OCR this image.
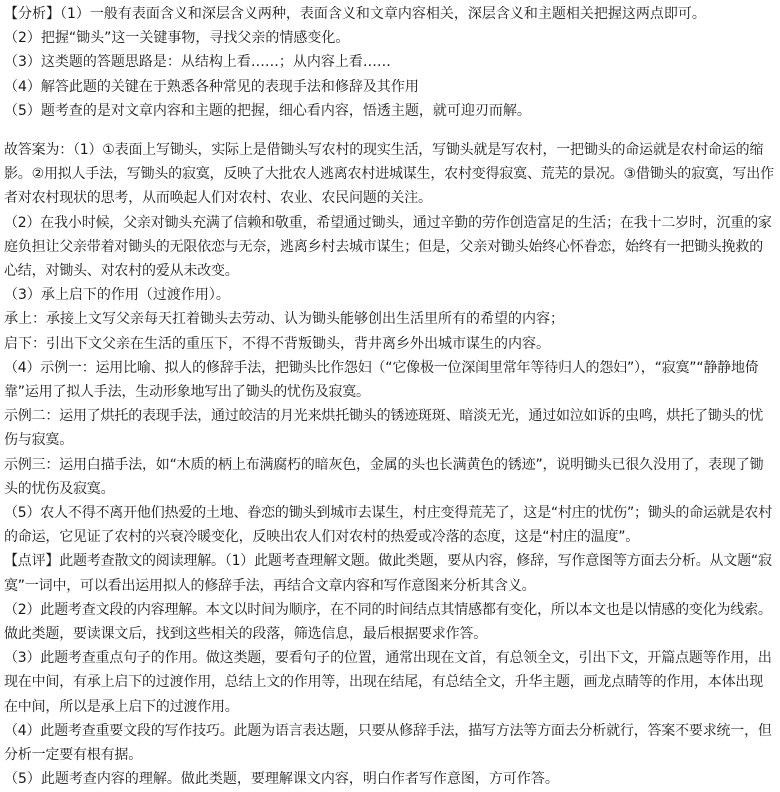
【分析】（1）一般有表面含义和深层含义两种，表面含义和文章内容相关，深层含义和主题相关把握这两点即可。

（2）把握“锄头”这一关键事物，寻找父亲的情感变化。

（3）这类题的答题思路是：从结构上看……；从内容上看……

（4）解答此题的关键在于熟悉各种常见的表现手法和修辞及其作用

（5）题考查的是对文章内容和主题的把握，细心看内容，悟透主题，就可迎刃而解。

故答案为：（1）①表面上写锄头，实际上是借锄头写农村的现实生活，写锄头就是写农村，一把锄头的命运就是农村命运的缩影。②用拟人手法，写锄头的寂寞，反映了大批农人逃离农村进城谋生，农村变得寂寞、荒芜的景况。③借锄头的寂寞，写出作者对农村现状的思考，从而唤起人们对农村、农业、农民问题的关注。

（2）在我小时候，父亲对锄头充满了信赖和敬重，希望通过锄头，通过辛勤的劳作创造富足的生活；在我十二岁时，沉重的家庭负担让父亲带着对锄头的无限依恋与无奈，逃离乡村去城市谋生；但是，父亲对锄头始终心怀眷恋，始终有一把锄头挽救的心结，对锄头、对农村的爱从未改变。

（3）承上启下的作用（过渡作用）。

承上：承接上文写父亲每天扛着锄头去劳动、认为锄头能够创出生活里所有的希望的内容；

启下：引出下文父亲在生活的重压下，不得不背叛锄头，背井离乡外出城市谋生的内容。

（4）示例一：运用比喻、拟人的修辞手法，把锄头比作怨妇（“它像极一位深闺里常年等待归人的怨妇”），“寂寞”“静静地倚靠”运用了拟人手法，生动形象地写出了锄头的忧伤及寂寞。

示例二：运用了烘托的表现手法，通过皎洁的月光来烘托锄头的锈迹斑斑、暗淡无光，通过如泣如诉的虫鸣，烘托了锄头的忧伤与寂寞。

示例三：运用白描手法，如“木质的柄上布满腐朽的暗灰色，金属的头也长满黄色的锈迹”，说明锄头已很久没用了，表现了锄头的忧伤及寂寞。

（5）农人不得不离开他们热爱的土地、眷恋的锄头到城市去谋生，村庄变得荒芜了，这是“村庄的忧伤”；锄头的命运就是农村的命运，它见证了农村的兴衰冷暖变化，反映出农人们对农村的热爱或冷落的态度，这是“村庄的温度”。

【点评】此题考查散文的阅读理解。（1）此题考查理解文题。做此类题，要从内容，修辞，写作意图等方面去分析。从文题“寂寞”一词中，可以看出运用拟人的修辞手法，再结合文章内容和写作意图来分析其含义。

（2）此题考查文段的内容理解。本文以时间为顺序，在不同的时间结点其情感都有变化，所以本文也是以情感的变化为线索。做此类题，要读课文后，找到这些相关的段落，筛选信息，最后根据要求作答。

（3）此题考查重点句子的作用。做这类题，要看句子的位置，通常出现在文首，有总领全文，引出下文，开篇点题等作用，出现在中间，有承上启下的过渡作用，总结上文的作用等，出现在结尾，有总结全文，升华主题，画龙点睛等的作用，本体出现在中间，所以是承上启下的过渡作用。

（4）此题考查重要文段的写作技巧。此题为语言表达题，只要从修辞手法，描写方法等方面去分析就行，答案不要求统一，但分析一定要有根有据。

（5）此题考查内容的理解。做此类题，要理解课文内容，明白作者写作意图，方可作答。
